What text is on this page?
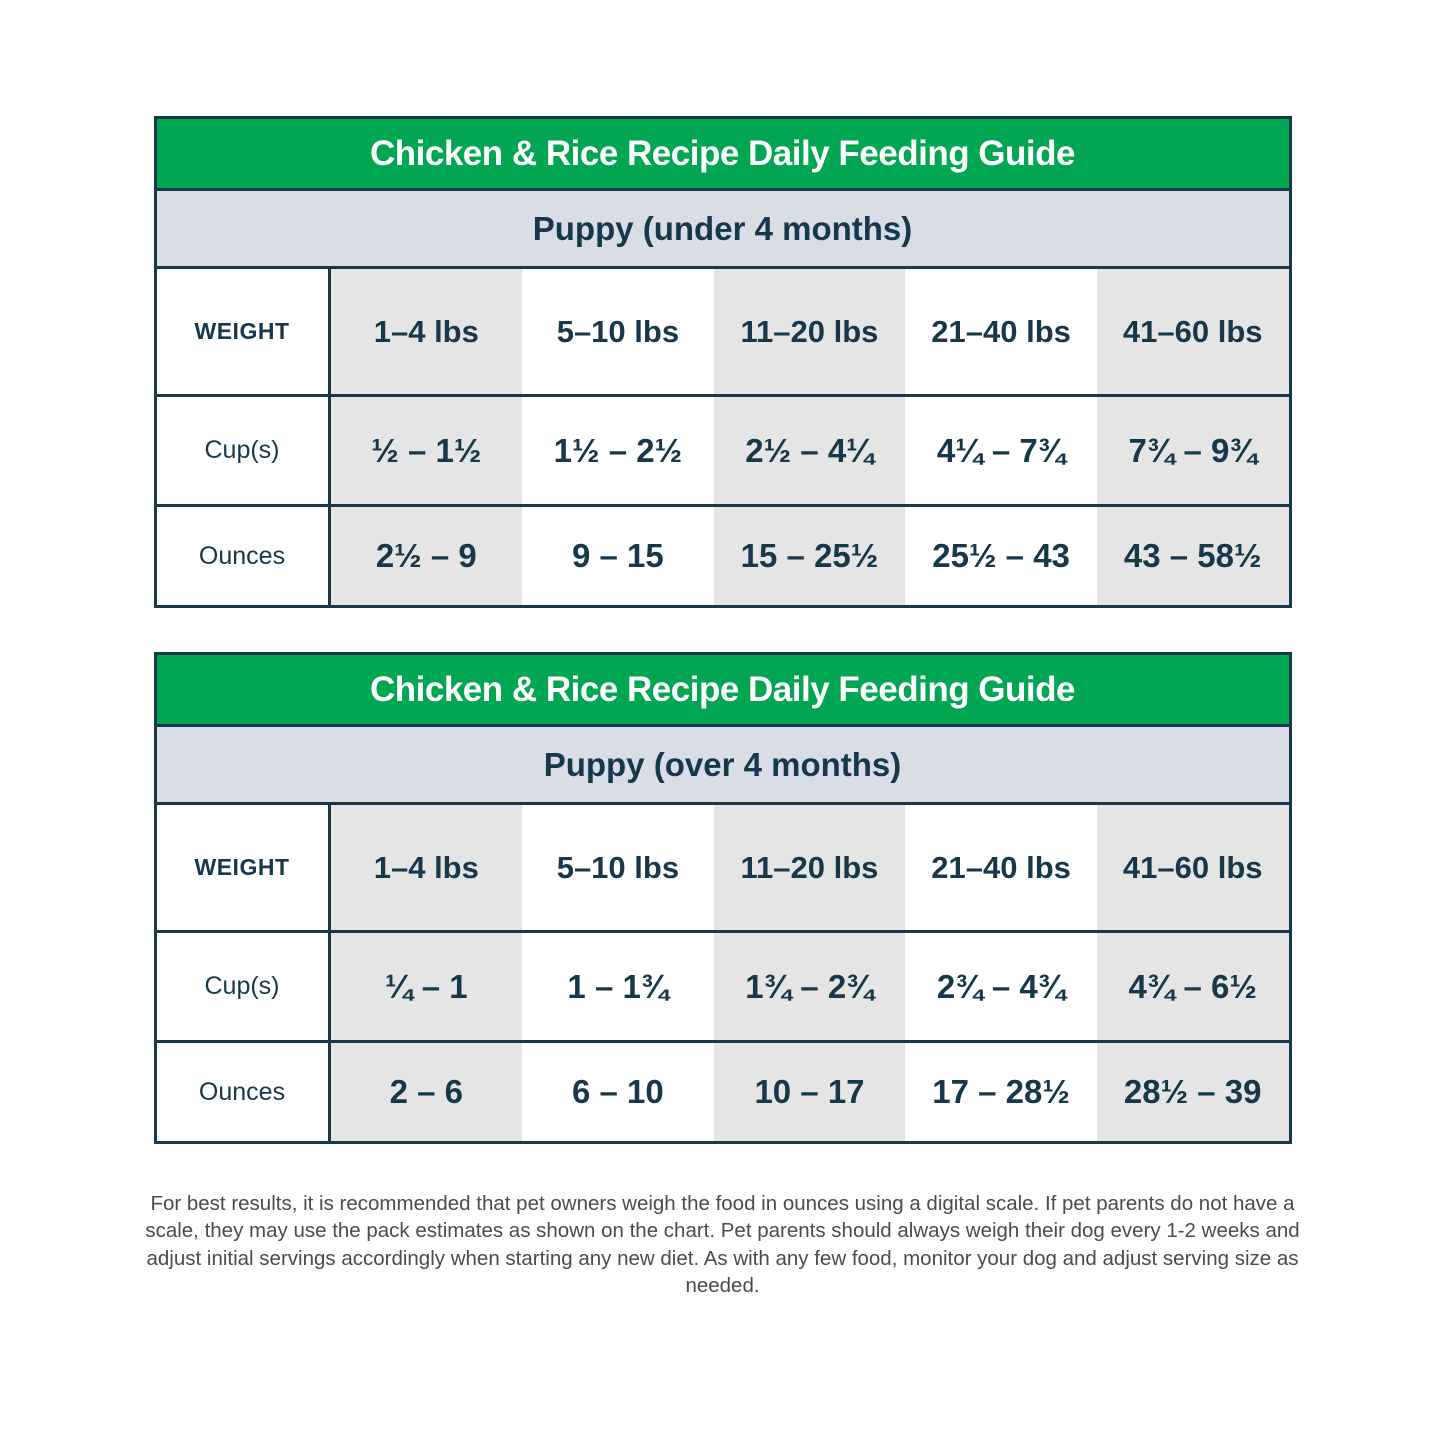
Chicken & Rice Recipe Daily Feeding Guide
Puppy (under 4 months)
WEIGHT	1–4 lbs	5–10 lbs	11–20 lbs	21–40 lbs	41–60 lbs
Cup(s)	½ – 1½	1½ – 2½	2½ – 4¼	4¼ – 7¾	7¾ – 9¾
Ounces	2½ – 9	9 – 15	15 – 25½	25½ – 43	43 – 58½
Chicken & Rice Recipe Daily Feeding Guide
Puppy (over 4 months)
WEIGHT	1–4 lbs	5–10 lbs	11–20 lbs	21–40 lbs	41–60 lbs
Cup(s)	¼ – 1	1 – 1¾	1¾ – 2¾	2¾ – 4¾	4¾ – 6½
Ounces	2 – 6	6 – 10	10 – 17	17 – 28½	28½ – 39

For best results, it is recommended that pet owners weigh the food in ounces using a digital scale. If pet parents do not have a scale, they may use the pack estimates as shown on the chart. Pet parents should always weigh their dog every 1-2 weeks and adjust initial servings accordingly when starting any new diet. As with any few food, monitor your dog and adjust serving size as needed.
